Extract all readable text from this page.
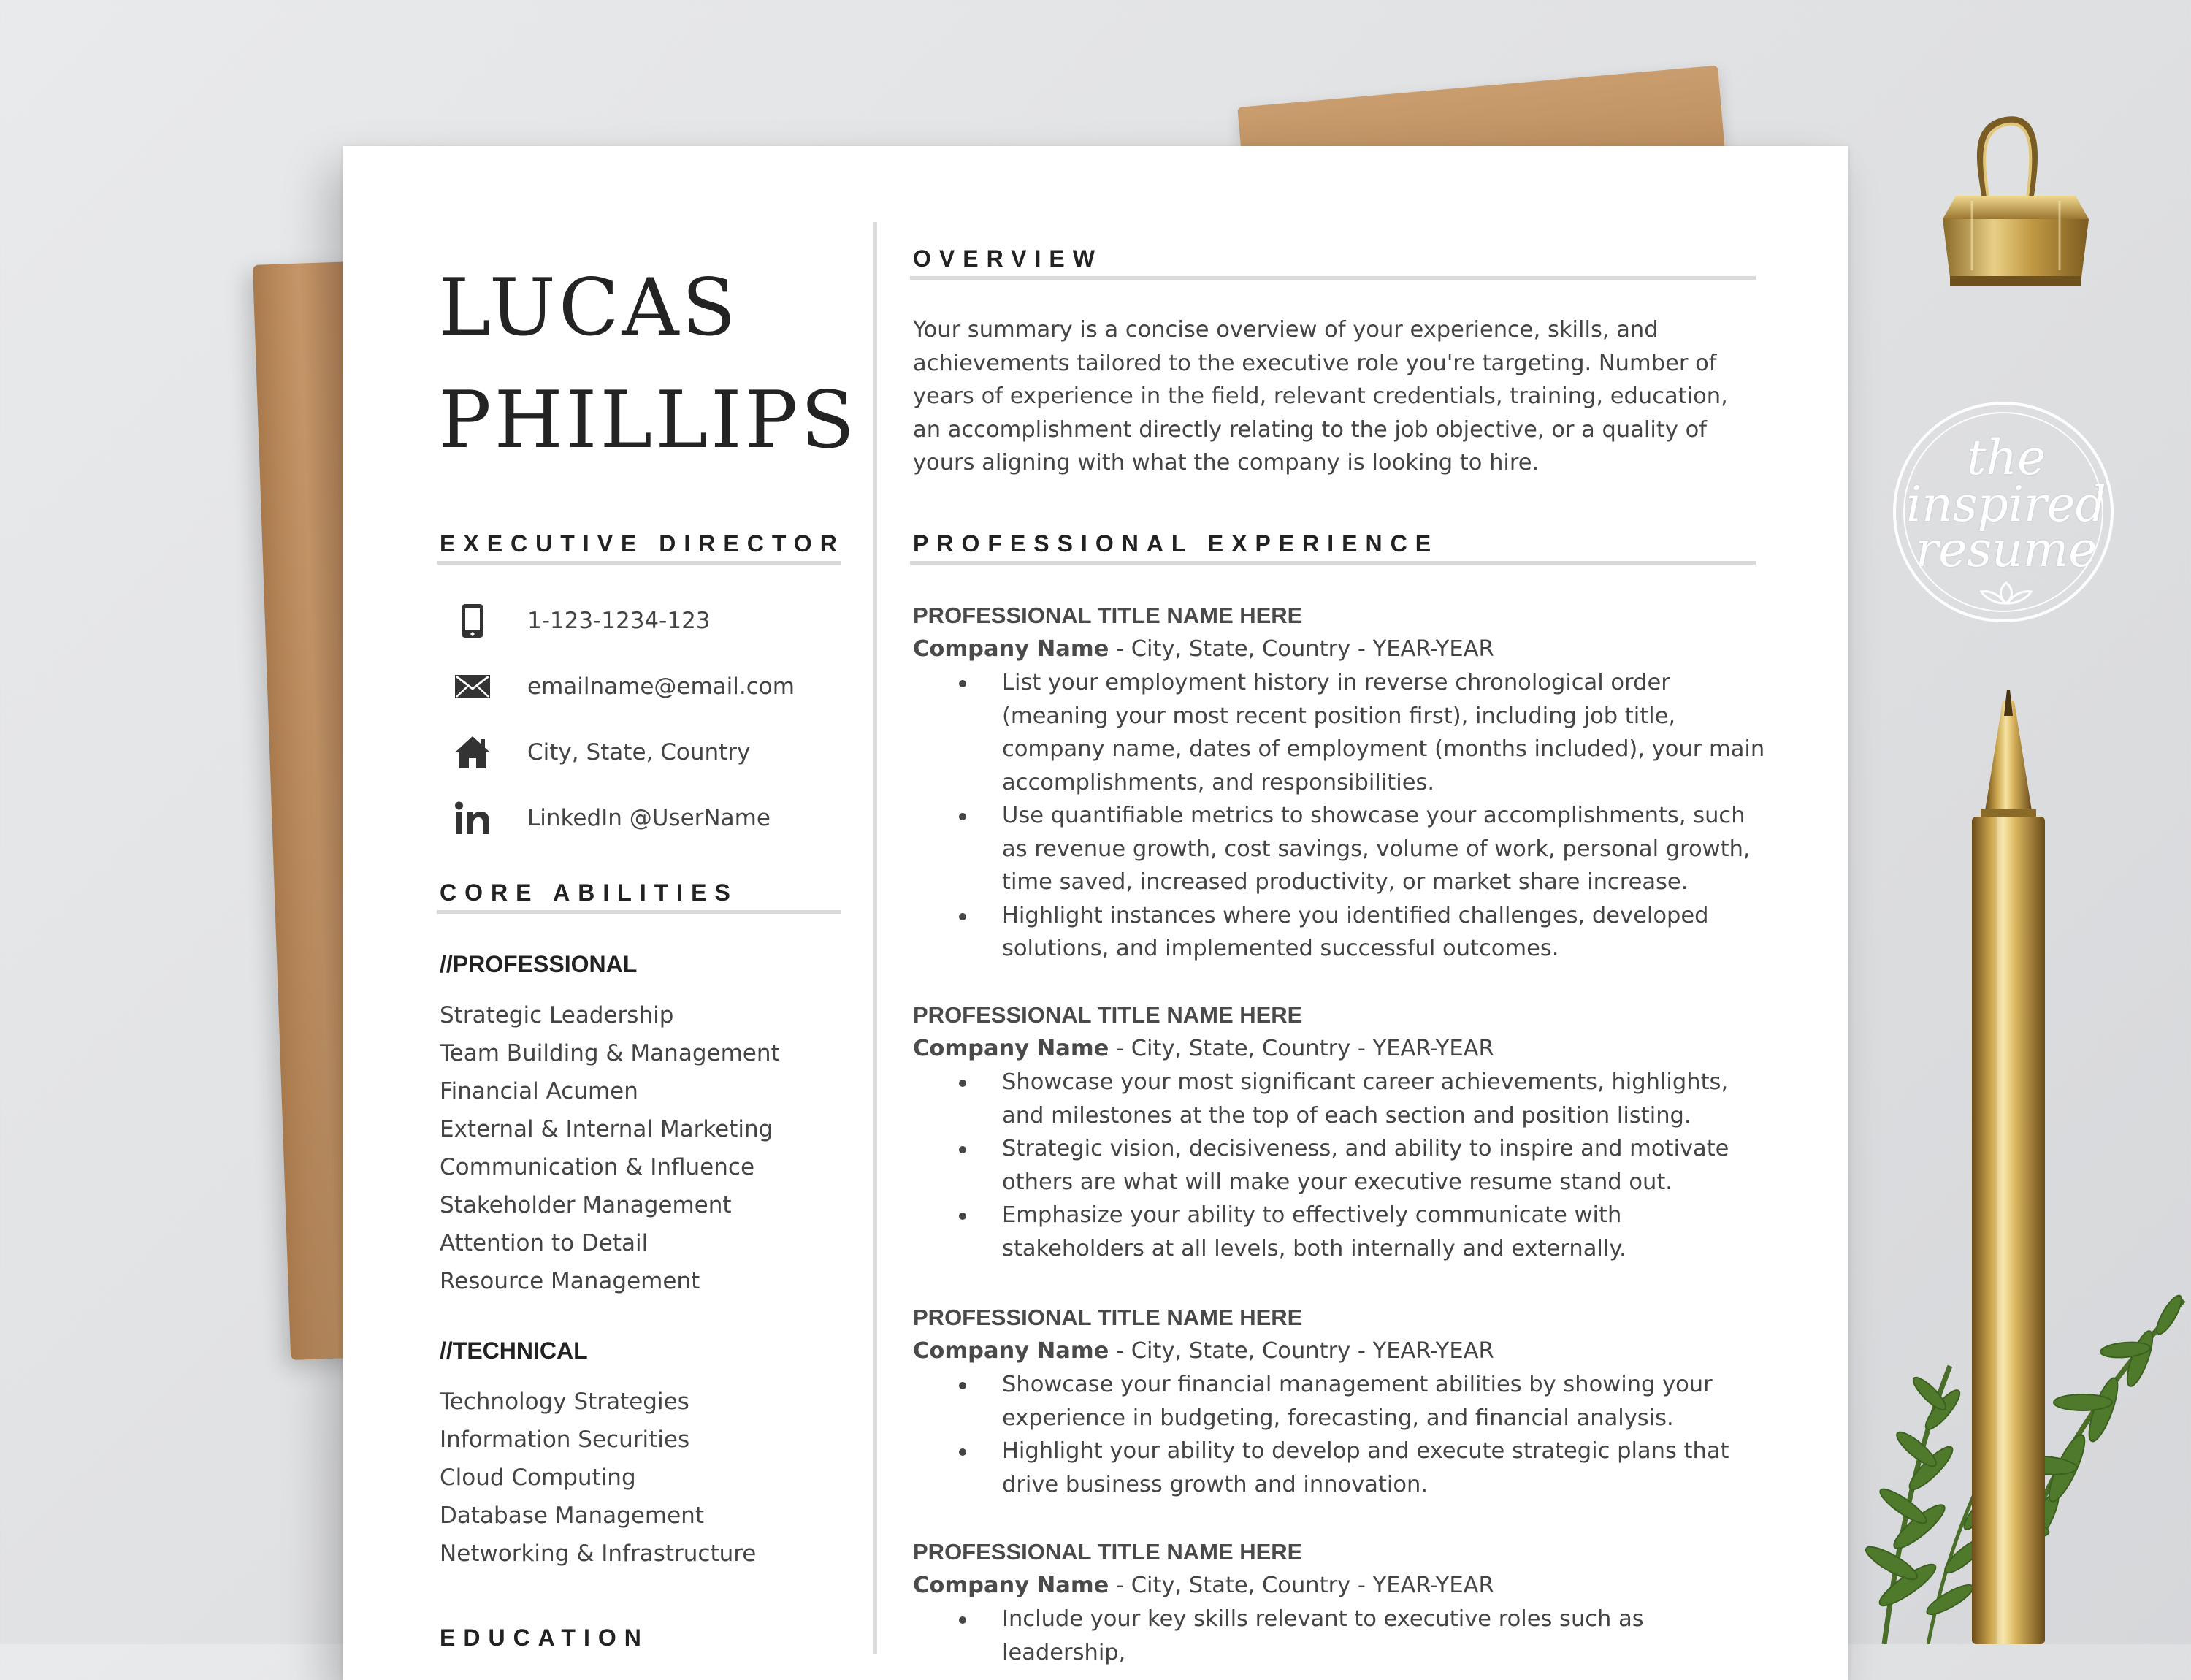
LUCAS
PHILLIPS
EXECUTIVE DIRECTOR
1-123-1234-123
emailname@email.com
City, State, Country
LinkedIn @UserName
CORE ABILITIES
//PROFESSIONAL
Strategic Leadership
Team Building & Management
Financial Acumen
External & Internal Marketing
Communication & Influence
Stakeholder Management
Attention to Detail
Resource Management
//TECHNICAL
Technology Strategies
Information Securities
Cloud Computing
Database Management
Networking & Infrastructure
EDUCATION
OVERVIEW
Your summary is a concise overview of your experience, skills, and achievements tailored to the executive role you're targeting. Number of years of experience in the field, relevant credentials, training, education, an accomplishment directly relating to the job objective, or a quality of yours aligning with what the company is looking to hire.
PROFESSIONAL EXPERIENCE
PROFESSIONAL TITLE NAME HERE
Company Name - City, State, Country - YEAR-YEAR
List your employment history in reverse chronological order (meaning your most recent position first), including job title, company name, dates of employment (months included), your main accomplishments, and responsibilities.
Use quantifiable metrics to showcase your accomplishments, such as revenue growth, cost savings, volume of work, personal growth, time saved, increased productivity, or market share increase.
Highlight instances where you identified challenges, developed solutions, and implemented successful outcomes.
PROFESSIONAL TITLE NAME HERE
Company Name - City, State, Country - YEAR-YEAR
Showcase your most significant career achievements, highlights, and milestones at the top of each section and position listing.
Strategic vision, decisiveness, and ability to inspire and motivate others are what will make your executive resume stand out.
Emphasize your ability to effectively communicate with stakeholders at all levels, both internally and externally.
PROFESSIONAL TITLE NAME HERE
Company Name - City, State, Country - YEAR-YEAR
Showcase your financial management abilities by showing your experience in budgeting, forecasting, and financial analysis.
Highlight your ability to develop and execute strategic plans that drive business growth and innovation.
PROFESSIONAL TITLE NAME HERE
Company Name - City, State, Country - YEAR-YEAR
Include your key skills relevant to executive roles such as leadership,
the
inspired
resume
